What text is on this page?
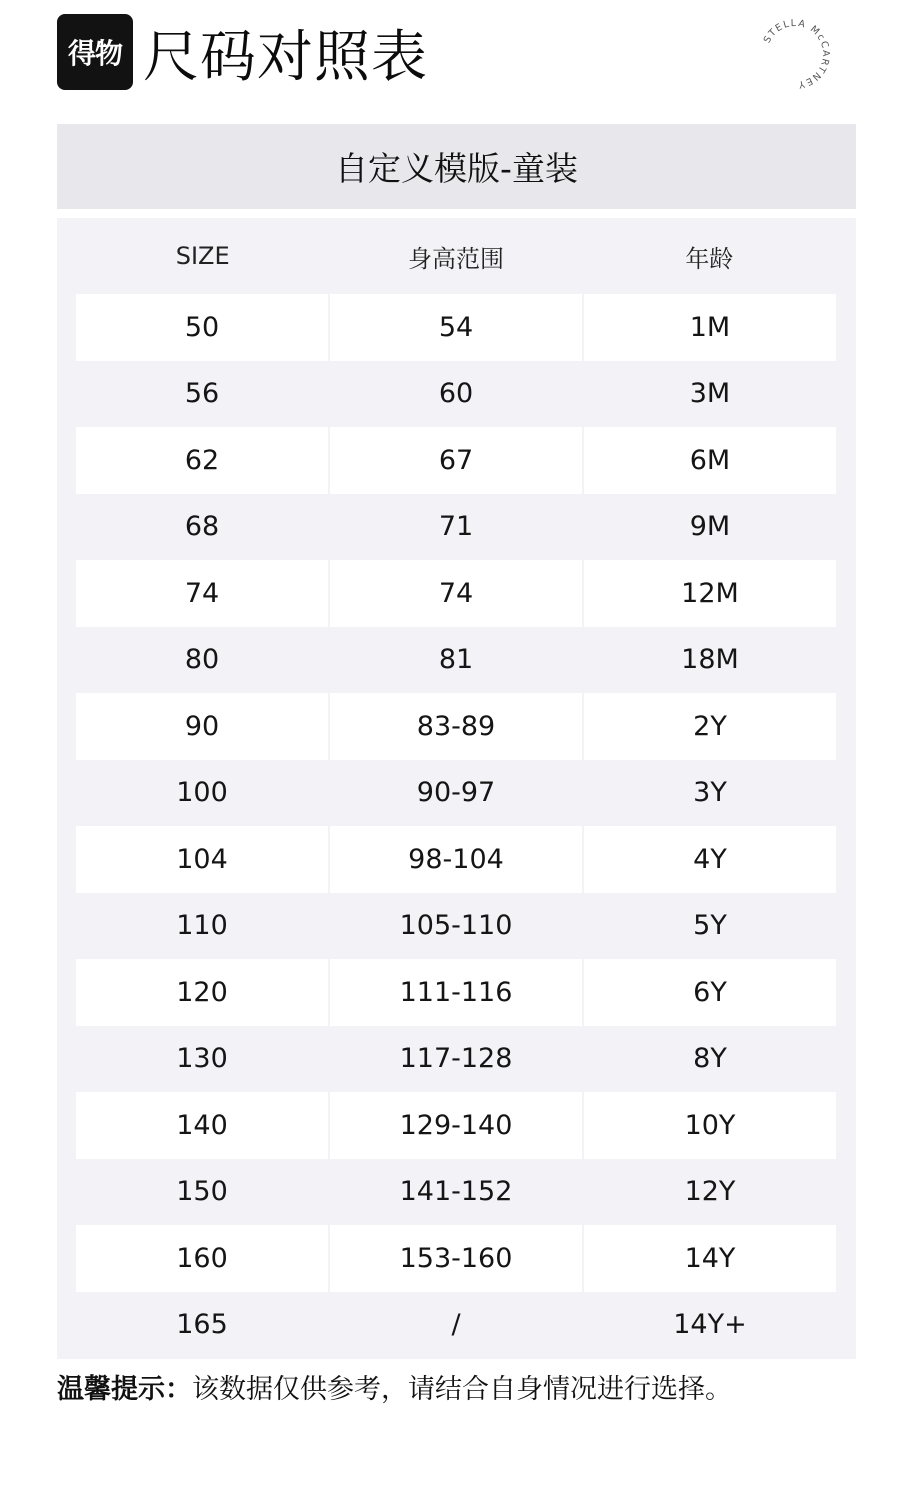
得物 尺码对照表	STELLA McCARTNEY
自定义模版-童装
SIZE	身高范围	年龄
50	54	1M
56	60	3M
62	67	6M
68	71	9M
74	74	12M
80	81	18M
90	83-89	2Y
100	90-97	3Y
104	98-104	4Y
110	105-110	5Y
120	111-116	6Y
130	117-128	8Y
140	129-140	10Y
150	141-152	12Y
160	153-160	14Y
165	/	14Y+
温馨提示：该数据仅供参考，请结合自身情况进行选择。
